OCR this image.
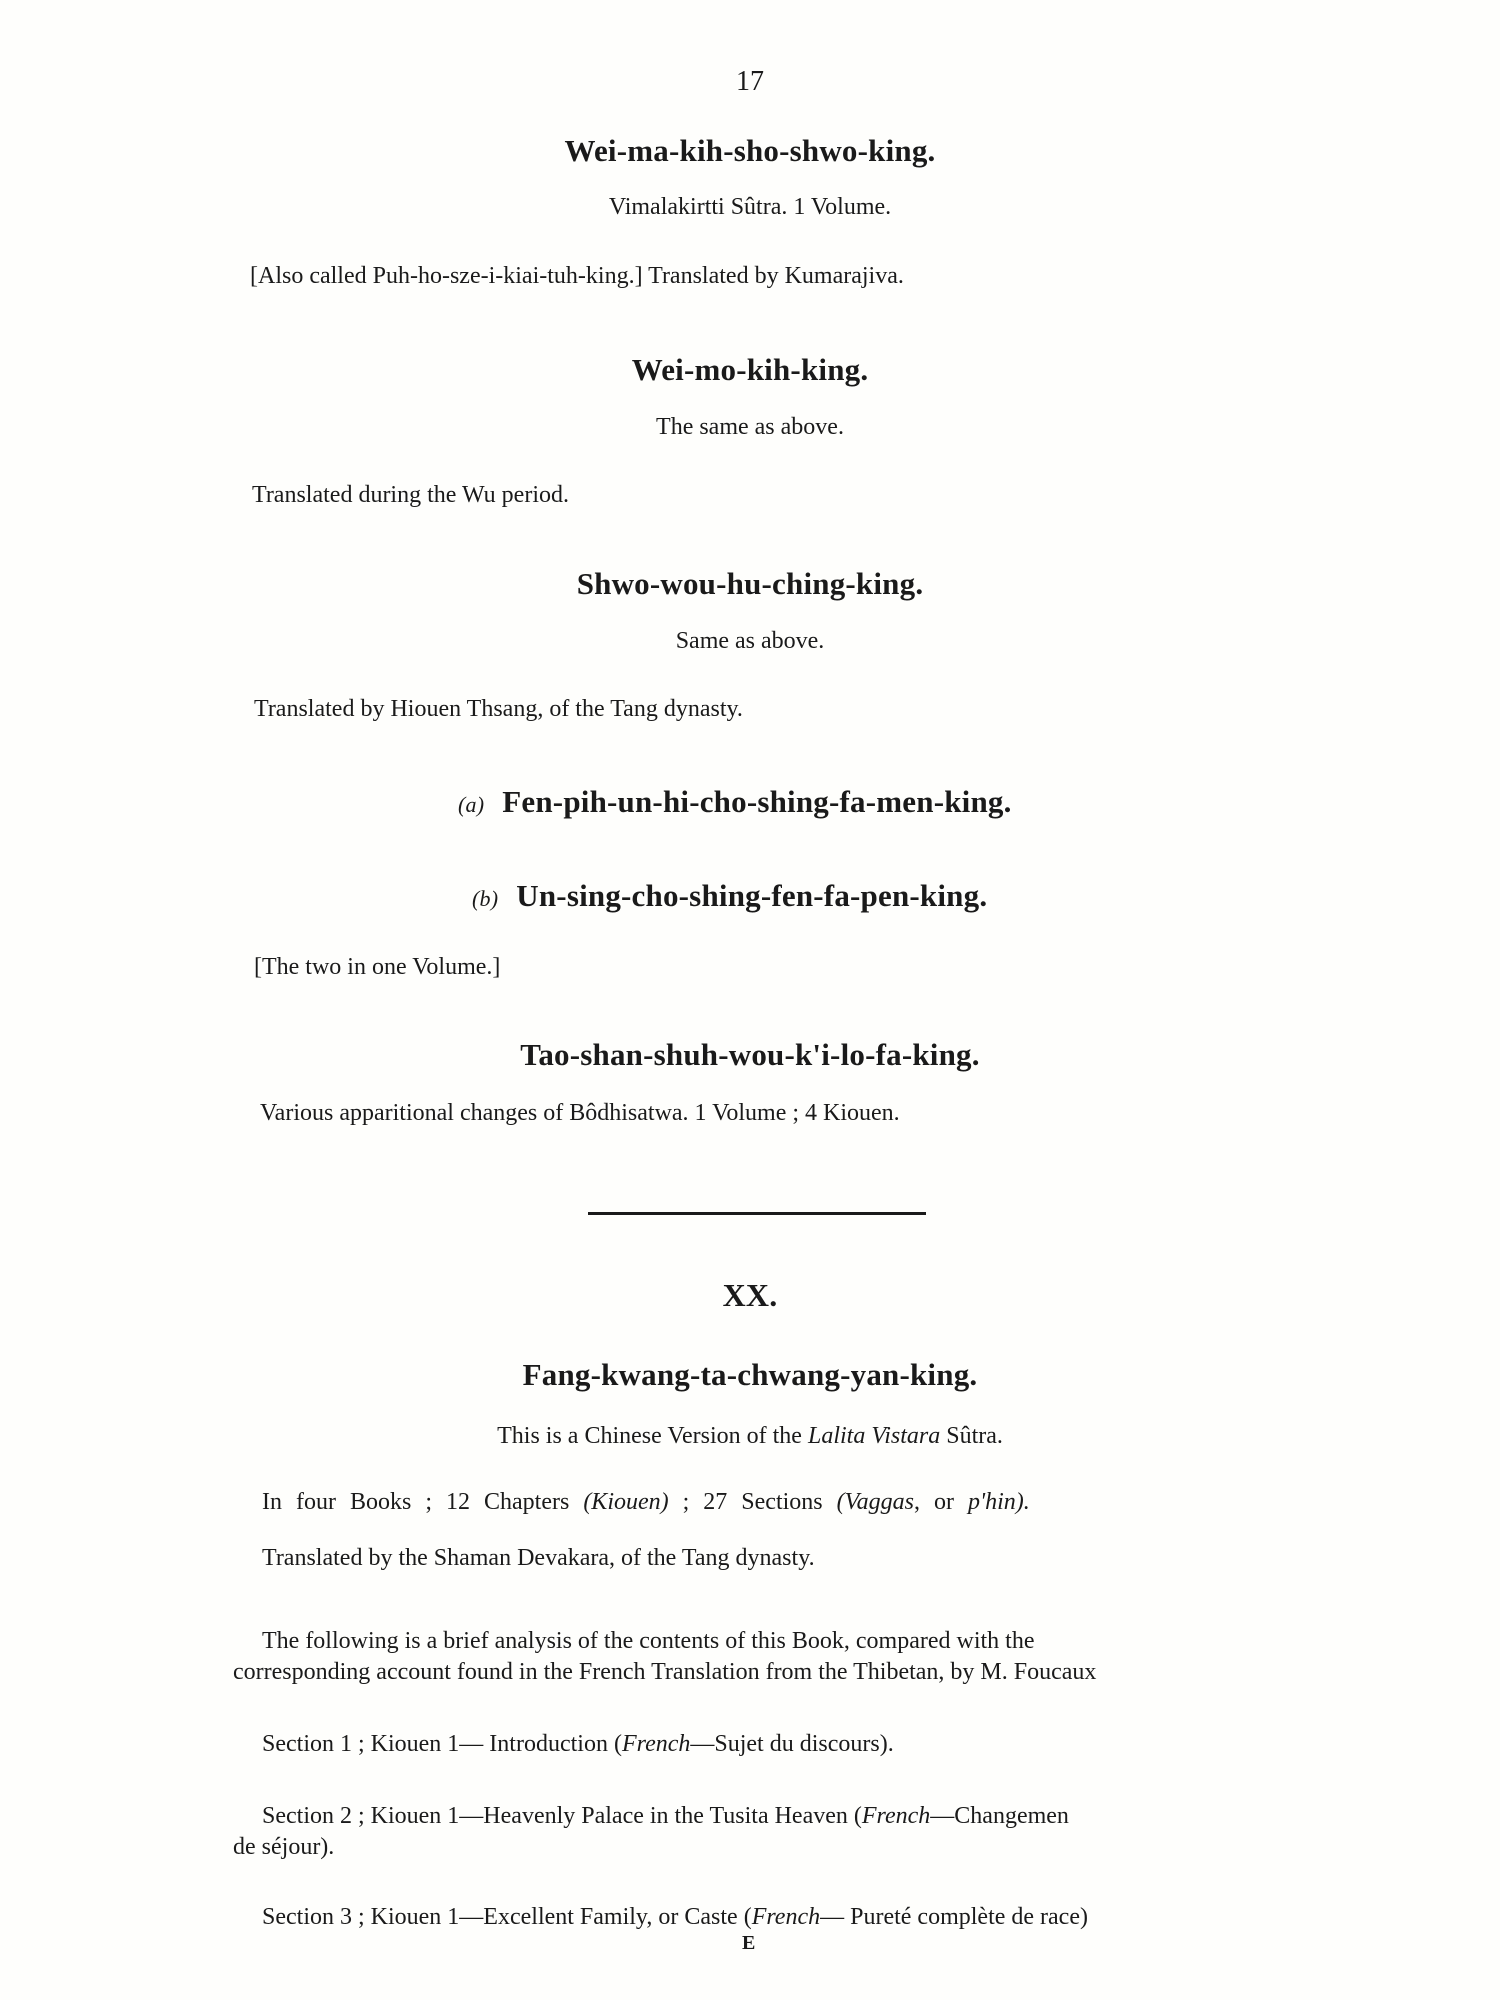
17
Wei-ma-kih-sho-shwo-king.
Vimalakirtti Sûtra. 1 Volume.
[Also called Puh-ho-sze-i-kiai-tuh-king.] Translated by Kumarajiva.
Wei-mo-kih-king.
The same as above.
Translated during the Wu period.
Shwo-wou-hu-ching-king.
Same as above.
Translated by Hiouen Thsang, of the Tang dynasty.
(a) Fen-pih-un-hi-cho-shing-fa-men-king.
(b) Un-sing-cho-shing-fen-fa-pen-king.
[The two in one Volume.]
Tao-shan-shuh-wou-k'i-lo-fa-king.
Various apparitional changes of Bôdhisatwa. 1 Volume ; 4 Kiouen.
XX.
Fang-kwang-ta-chwang-yan-king.
This is a Chinese Version of the Lalita Vistara Sûtra.
In four Books ; 12 Chapters (Kiouen) ; 27 Sections (Vaggas, or p'hin).
Translated by the Shaman Devakara, of the Tang dynasty.
The following is a brief analysis of the contents of this Book, compared with the
corresponding account found in the French Translation from the Thibetan, by M. Foucaux
Section 1 ; Kiouen 1— Introduction (French—Sujet du discours).
Section 2 ; Kiouen 1—Heavenly Palace in the Tusita Heaven (French—Changemen
de séjour).
Section 3 ; Kiouen 1—Excellent Family, or Caste (French— Pureté complète de race)
E
